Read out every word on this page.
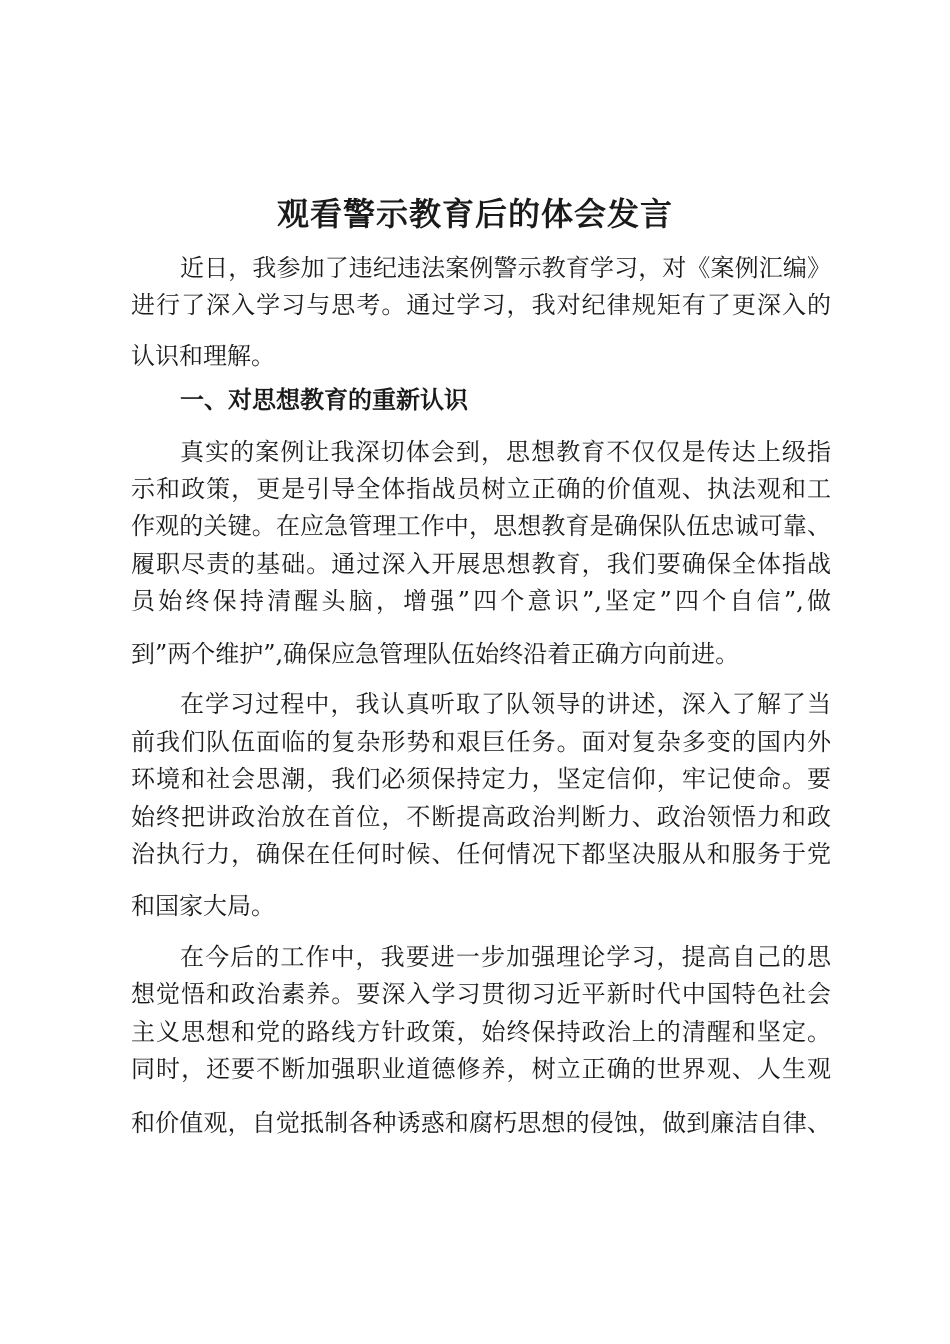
观看警示教育后的体会发言

近日，我参加了违纪违法案例警示教育学习，对《案例汇编》

进行了深入学习与思考。通过学习，我对纪律规矩有了更深入的

认识和理解。

一、对思想教育的重新认识

真实的案例让我深切体会到，思想教育不仅仅是传达上级指

示和政策，更是引导全体指战员树立正确的价值观、执法观和工

作观的关键。在应急管理工作中，思想教育是确保队伍忠诚可靠、

履职尽责的基础。通过深入开展思想教育，我们要确保全体指战

员始终保持清醒头脑，增强”四个意识”,坚定”四个自信”,做

到”两个维护”,确保应急管理队伍始终沿着正确方向前进。

在学习过程中，我认真听取了队领导的讲述，深入了解了当

前我们队伍面临的复杂形势和艰巨任务。面对复杂多变的国内外

环境和社会思潮，我们必须保持定力，坚定信仰，牢记使命。要

始终把讲政治放在首位，不断提高政治判断力、政治领悟力和政

治执行力，确保在任何时候、任何情况下都坚决服从和服务于党

和国家大局。

在今后的工作中，我要进一步加强理论学习，提高自己的思

想觉悟和政治素养。要深入学习贯彻习近平新时代中国特色社会

主义思想和党的路线方针政策，始终保持政治上的清醒和坚定。

同时，还要不断加强职业道德修养，树立正确的世界观、人生观

和价值观，自觉抵制各种诱惑和腐朽思想的侵蚀，做到廉洁自律、
